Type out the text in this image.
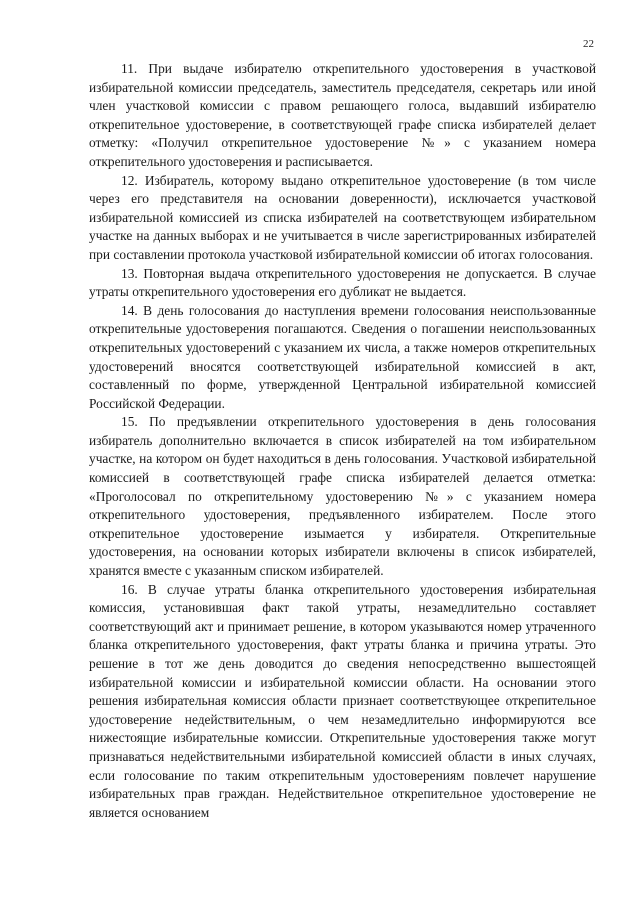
22

11. При выдаче избирателю открепительного удостоверения в участковой избирательной комиссии председатель, заместитель председателя, секретарь или иной член участковой комиссии с правом решающего голоса, выдавший избирателю открепительное удостоверение, в соответствующей графе списка избирателей делает отметку: «Получил открепительное удостоверение №» с указанием номера открепительного удостоверения и расписывается.

12. Избиратель, которому выдано открепительное удостоверение (в том числе через его представителя на основании доверенности), исключается участковой избирательной комиссией из списка избирателей на соответствующем избирательном участке на данных выборах и не учитывается в числе зарегистрированных избирателей при составлении протокола участковой избирательной комиссии об итогах голосования.

13. Повторная выдача открепительного удостоверения не допускается. В случае утраты открепительного удостоверения его дубликат не выдается.

14. В день голосования до наступления времени голосования неиспользованные открепительные удостоверения погашаются. Сведения о погашении неиспользованных открепительных удостоверений с указанием их числа, а также номеров открепительных удостоверений вносятся соответствующей избирательной комиссией в акт, составленный по форме, утвержденной Центральной избирательной комиссией Российской Федерации.

15. По предъявлении открепительного удостоверения в день голосования избиратель дополнительно включается в список избирателей на том избирательном участке, на котором он будет находиться в день голосования. Участковой избирательной комиссией в соответствующей графе списка избирателей делается отметка: «Проголосовал по открепительному удостоверению №» с указанием номера открепительного удостоверения, предъявленного избирателем. После этого открепительное удостоверение изымается у избирателя. Открепительные удостоверения, на основании которых избиратели включены в список избирателей, хранятся вместе с указанным списком избирателей.

16. В случае утраты бланка открепительного удостоверения избирательная комиссия, установившая факт такой утраты, незамедлительно составляет соответствующий акт и принимает решение, в котором указываются номер утраченного бланка открепительного удостоверения, факт утраты бланка и причина утраты. Это решение в тот же день доводится до сведения непосредственно вышестоящей избирательной комиссии и избирательной комиссии области. На основании этого решения избирательная комиссия области признает соответствующее открепительное удостоверение недействительным, о чем незамедлительно информируются все нижестоящие избирательные комиссии. Открепительные удостоверения также могут признаваться недействительными избирательной комиссией области в иных случаях, если голосование по таким открепительным удостоверениям повлечет нарушение избирательных прав граждан. Недействительное открепительное удостоверение не является основанием
